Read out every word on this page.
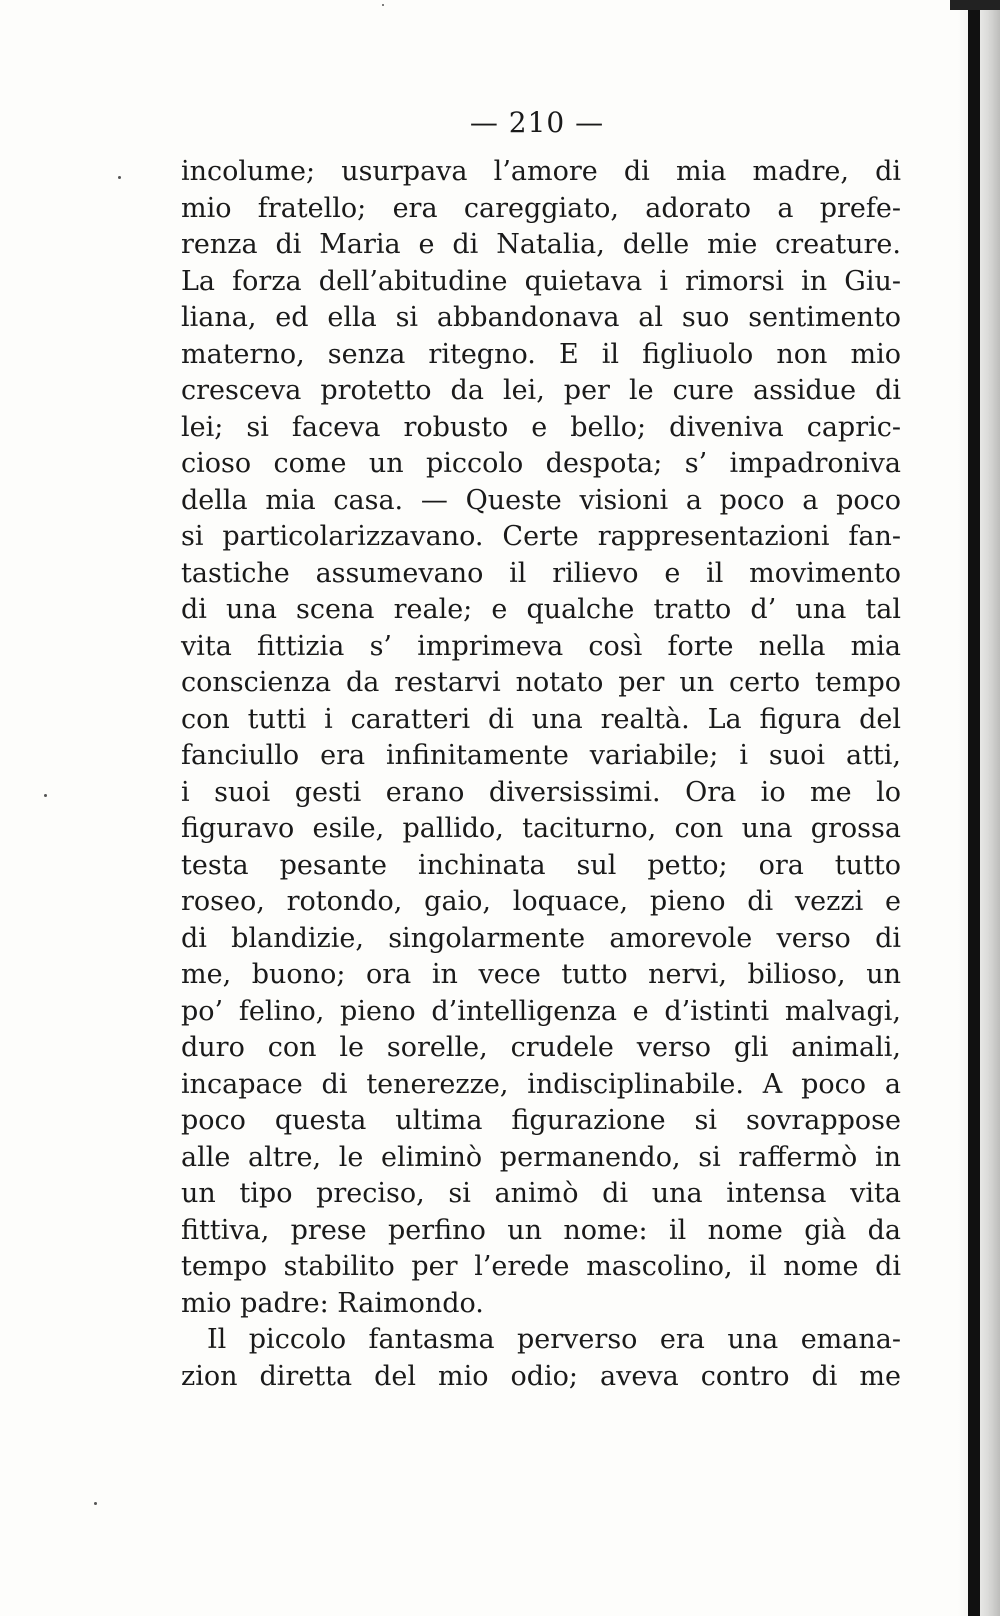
— 210 —
incolume; usurpava l’amore di mia madre, di
mio fratello; era careggiato, adorato a prefe-
renza di Maria e di Natalia, delle mie creature.
La forza dell’abitudine quietava i rimorsi in Giu-
liana, ed ella si abbandonava al suo sentimento
materno, senza ritegno. E il figliuolo non mio
cresceva protetto da lei, per le cure assidue di
lei; si faceva robusto e bello; diveniva capric-
cioso come un piccolo despota; s’ impadroniva
della mia casa. — Queste visioni a poco a poco
si particolarizzavano. Certe rappresentazioni fan-
tastiche assumevano il rilievo e il movimento
di una scena reale; e qualche tratto d’ una tal
vita fittizia s’ imprimeva così forte nella mia
conscienza da restarvi notato per un certo tempo
con tutti i caratteri di una realtà. La figura del
fanciullo era infinitamente variabile; i suoi atti,
i suoi gesti erano diversissimi. Ora io me lo
figuravo esile, pallido, taciturno, con una grossa
testa pesante inchinata sul petto; ora tutto
roseo, rotondo, gaio, loquace, pieno di vezzi e
di blandizie, singolarmente amorevole verso di
me, buono; ora in vece tutto nervi, bilioso, un
po’ felino, pieno d’intelligenza e d’istinti malvagi,
duro con le sorelle, crudele verso gli animali,
incapace di tenerezze, indisciplinabile. A poco a
poco questa ultima figurazione si sovrappose
alle altre, le eliminò permanendo, si raffermò in
un tipo preciso, si animò di una intensa vita
fittiva, prese perfino un nome: il nome già da
tempo stabilito per l’erede mascolino, il nome di
mio padre: Raimondo.
Il piccolo fantasma perverso era una emana-
zion diretta del mio odio; aveva contro di me
